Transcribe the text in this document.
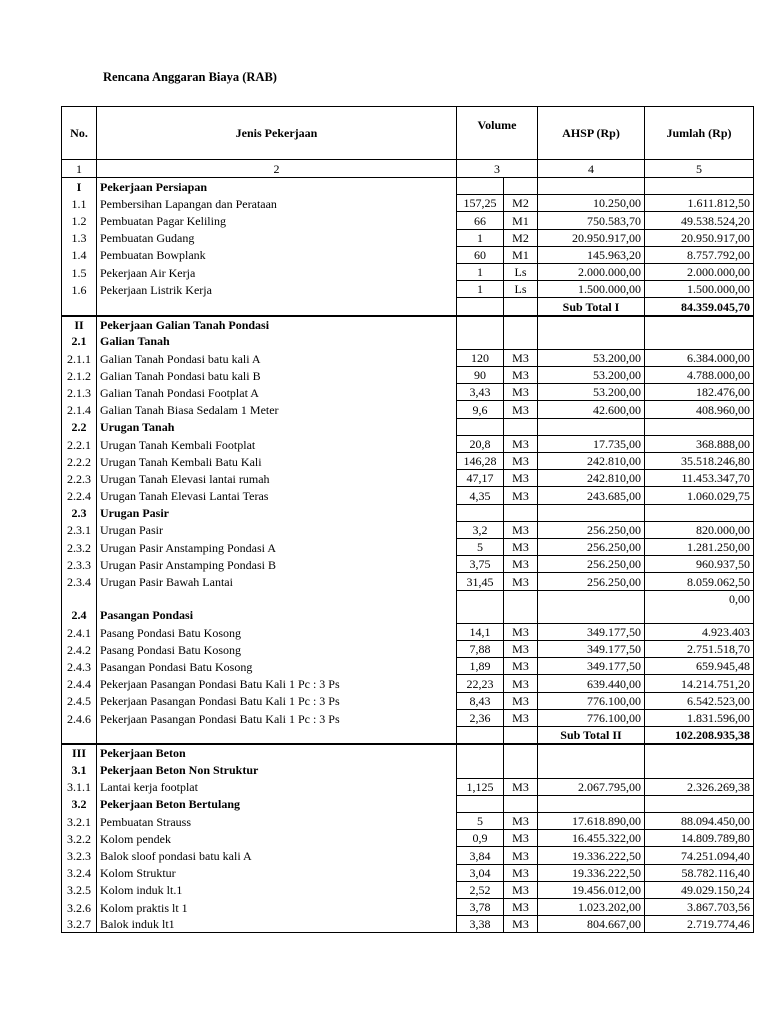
Rencana Anggaran Biaya (RAB)
No.	Jenis Pekerjaan	Volume		AHSP (Rp)	Jumlah (Rp)
1	2	3		4	5
I	Pekerjaan Persiapan				
1.1	Pembersihan Lapangan dan Perataan	157,25	M2	10.250,00	1.611.812,50
1.2	Pembuatan Pagar Keliling	66	M1	750.583,70	49.538.524,20
1.3	Pembuatan Gudang	1	M2	20.950.917,00	20.950.917,00
1.4	Pembuatan Bowplank	60	M1	145.963,20	8.757.792,00
1.5	Pekerjaan Air Kerja	1	Ls	2.000.000,00	2.000.000,00
1.6	Pekerjaan Listrik Kerja	1	Ls	1.500.000,00	1.500.000,00
				Sub Total I	84.359.045,70
II	Pekerjaan Galian Tanah Pondasi				
2.1	Galian Tanah				
2.1.1	Galian Tanah Pondasi batu kali A	120	M3	53.200,00	6.384.000,00
2.1.2	Galian Tanah Pondasi batu kali B	90	M3	53.200,00	4.788.000,00
2.1.3	Galian Tanah Pondasi Footplat A	3,43	M3	53.200,00	182.476,00
2.1.4	Galian Tanah Biasa Sedalam 1 Meter	9,6	M3	42.600,00	408.960,00
2.2	Urugan Tanah				
2.2.1	Urugan Tanah Kembali Footplat	20,8	M3	17.735,00	368.888,00
2.2.2	Urugan Tanah Kembali Batu Kali	146,28	M3	242.810,00	35.518.246,80
2.2.3	Urugan Tanah Elevasi lantai rumah	47,17	M3	242.810,00	11.453.347,70
2.2.4	Urugan Tanah Elevasi Lantai Teras	4,35	M3	243.685,00	1.060.029,75
2.3	Urugan Pasir				
2.3.1	Urugan Pasir	3,2	M3	256.250,00	820.000,00
2.3.2	Urugan Pasir Anstamping Pondasi A	5	M3	256.250,00	1.281.250,00
2.3.3	Urugan Pasir Anstamping Pondasi B	3,75	M3	256.250,00	960.937,50
2.3.4	Urugan Pasir Bawah Lantai	31,45	M3	256.250,00	8.059.062,50
					0,00
2.4	Pasangan Pondasi				
2.4.1	Pasang Pondasi Batu Kosong	14,1	M3	349.177,50	4.923.403
2.4.2	Pasang Pondasi Batu Kosong	7,88	M3	349.177,50	2.751.518,70
2.4.3	Pasangan Pondasi Batu Kosong	1,89	M3	349.177,50	659.945,48
2.4.4	Pekerjaan Pasangan Pondasi Batu Kali 1 Pc : 3 Ps	22,23	M3	639.440,00	14.214.751,20
2.4.5	Pekerjaan Pasangan Pondasi Batu Kali 1 Pc : 3 Ps	8,43	M3	776.100,00	6.542.523,00
2.4.6	Pekerjaan Pasangan Pondasi Batu Kali 1 Pc : 3 Ps	2,36	M3	776.100,00	1.831.596,00
				Sub Total II	102.208.935,38
III	Pekerjaan Beton				
3.1	Pekerjaan Beton Non Struktur				
3.1.1	Lantai kerja footplat	1,125	M3	2.067.795,00	2.326.269,38
3.2	Pekerjaan Beton Bertulang				
3.2.1	Pembuatan Strauss	5	M3	17.618.890,00	88.094.450,00
3.2.2	Kolom pendek	0,9	M3	16.455.322,00	14.809.789,80
3.2.3	Balok sloof pondasi batu kali A	3,84	M3	19.336.222,50	74.251.094,40
3.2.4	Kolom Struktur	3,04	M3	19.336.222,50	58.782.116,40
3.2.5	Kolom induk lt.1	2,52	M3	19.456.012,00	49.029.150,24
3.2.6	Kolom praktis lt 1	3,78	M3	1.023.202,00	3.867.703,56
3.2.7	Balok induk lt1	3,38	M3	804.667,00	2.719.774,46
